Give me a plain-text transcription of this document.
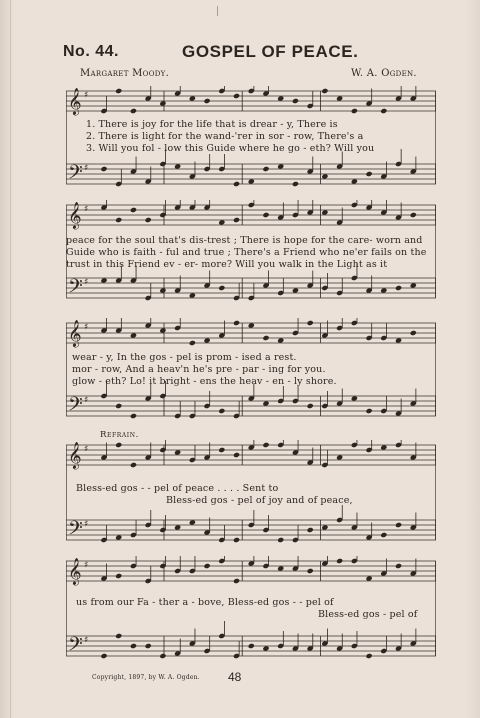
No. 44.	GOSPEL OF PEACE.
Margaret Moody.	W. A. Ogden.
𝄞 ♯
𝄢 ♯
1. There is joy for the life that is drear - y, There is
2. There is light for the wand-'rer in sor - row, There's a
3. Will you fol - low this Guide where he go - eth? Will you
𝄞 ♯
𝄢 ♯
peace for the soul that's dis-trest ; There is hope for the care- worn and
Guide who is faith - ful and true ; There's a Friend who ne'er fails on the
trust in this Friend ev - er- more? Will you walk in the Light as it
𝄞 ♯
𝄢 ♯
wear - y, In the gos - pel is prom - ised a rest.
mor - row, And a heav'n he's pre - par - ing for you.
glow - eth? Lo! it bright - ens the heav - en - ly shore.
Refrain.
𝄞 ♯
𝄢 ♯
Bless-ed gos - - pel of peace . . . . Sent to
Bless-ed gos - pel of joy and of peace,
𝄞 ♯
𝄢 ♯
us from our Fa - ther a - bove, Bless-ed gos - - pel of
Bless-ed gos - pel of
Copyright, 1897, by W. A. Ogden. 48
